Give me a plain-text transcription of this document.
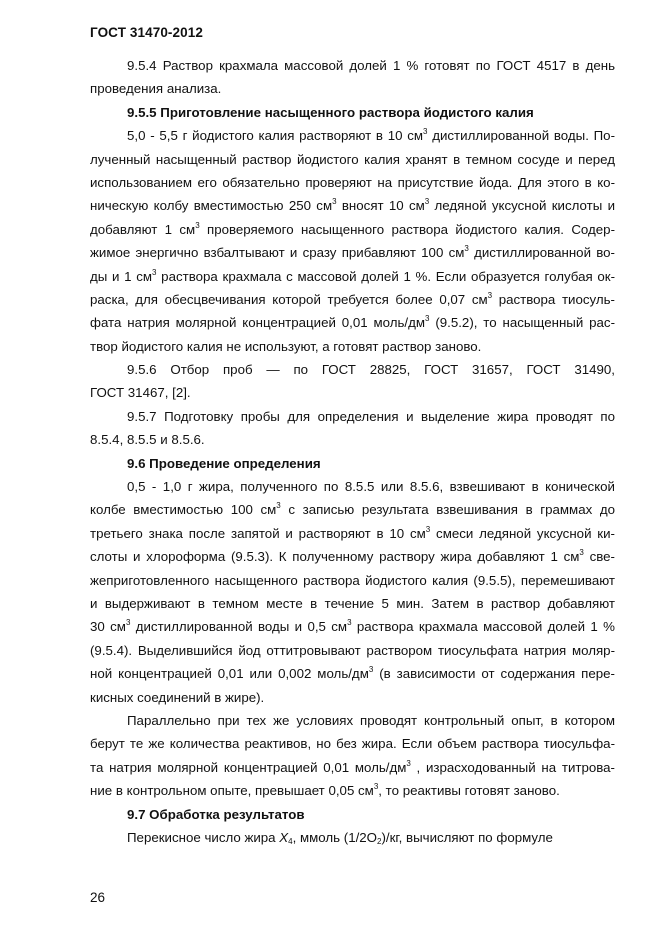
ГОСТ 31470-2012
9.5.4 Раствор крахмала массовой долей 1 % готовят по ГОСТ 4517 в день
проведения анализа.
9.5.5 Приготовление насыщенного раствора йодистого калия
5,0 - 5,5 г йодистого калия растворяют в 10 $см^3$ дистиллированной воды. По-
лученный насыщенный раствор йодистого калия хранят в темном сосуде и перед
использованием его обязательно проверяют на присутствие йода. Для этого в ко-
ническую колбу вместимостью 250 $см^3$ вносят 10 $см^3$ ледяной уксусной кислоты и
добавляют 1 $см^3$ проверяемого насыщенного раствора йодистого калия. Содер-
жимое энергично взбалтывают и сразу прибавляют 100 $см^3$ дистиллированной во-
ды и 1 $см^3$ раствора крахмала с массовой долей 1 %. Если образуется голубая ок-
раска, для обесцвечивания которой требуется более 0,07 $см^3$ раствора тиосуль-
фата натрия молярной концентрацией 0,01 моль/$дм^3$ (9.5.2), то насыщенный рас-
твор йодистого калия не используют, а готовят раствор заново.
9.5.6 Отбор проб — по ГОСТ 28825, ГОСТ 31657, ГОСТ 31490,
ГОСТ 31467, [2].
9.5.7 Подготовку пробы для определения и выделение жира проводят по
8.5.4, 8.5.5 и 8.5.6.
9.6 Проведение определения
0,5 - 1,0 г жира, полученного по 8.5.5 или 8.5.6, взвешивают в конической
колбе вместимостью 100 $см^3$ с записью результата взвешивания в граммах до
третьего знака после запятой и растворяют в 10 $см^3$ смеси ледяной уксусной ки-
слоты и хлороформа (9.5.3). К полученному раствору жира добавляют 1 $см^3$ све-
жеприготовленного насыщенного раствора йодистого калия (9.5.5), перемешивают
и выдерживают в темном месте в течение 5 мин. Затем в раствор добавляют
30 $см^3$ дистиллированной воды и 0,5 $см^3$ раствора крахмала массовой долей 1 %
(9.5.4). Выделившийся йод оттитровывают раствором тиосульфата натрия моляр-
ной концентрацией 0,01 или 0,002 моль/$дм^3$ (в зависимости от содержания пере-
кисных соединений в жире).
Параллельно при тех же условиях проводят контрольный опыт, в котором
берут те же количества реактивов, но без жира. Если объем раствора тиосульфа-
та натрия молярной концентрацией 0,01 моль/$дм^3$ , израсходованный на титрова-
ние в контрольном опыте, превышает 0,05 $см^3$, то реактивы готовят заново.
9.7 Обработка результатов
Перекисное число жира $X_4$, ммоль $(1/2O_2)/кг$, вычисляют по формуле
26
